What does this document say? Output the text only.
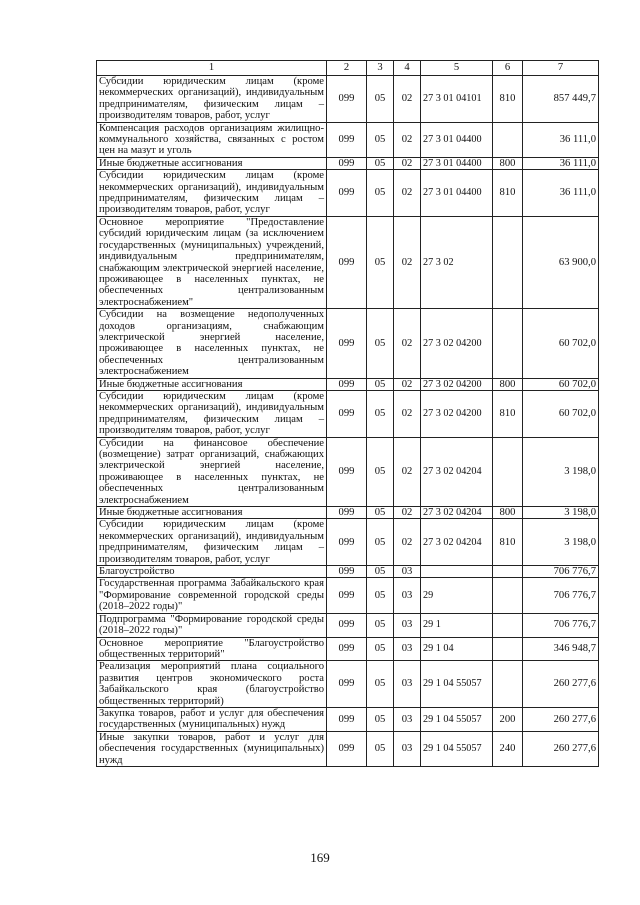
1	2	3	4	5	6	7
Субсидии юридическим лицам (кроме некоммерческих организаций), индивидуальным предпринимателям, физическим лицам – производителям товаров, работ, услуг	099	05	02	27 3 01 04101	810	857 449,7
Компенсация расходов организациям жилищно-коммунального хозяйства, связанных с ростом цен на мазут и уголь	099	05	02	27 3 01 04400		36 111,0
Иные бюджетные ассигнования	099	05	02	27 3 01 04400	800	36 111,0
Субсидии юридическим лицам (кроме некоммерческих организаций), индивидуальным предпринимателям, физическим лицам – производителям товаров, работ, услуг	099	05	02	27 3 01 04400	810	36 111,0
Основное мероприятие "Предоставление субсидий юридическим лицам (за исключением государственных (муниципальных) учреждений, индивидуальным предпринимателям, снабжающим электрической энергией население, проживающее в населенных пунктах, не обеспеченных централизованным электроснабжением"	099	05	02	27 3 02		63 900,0
Субсидии на возмещение недополученных доходов организациям, снабжающим электрической энергией население, проживающее в населенных пунктах, не обеспеченных централизованным электроснабжением	099	05	02	27 3 02 04200		60 702,0
Иные бюджетные ассигнования	099	05	02	27 3 02 04200	800	60 702,0
Субсидии юридическим лицам (кроме некоммерческих организаций), индивидуальным предпринимателям, физическим лицам – производителям товаров, работ, услуг	099	05	02	27 3 02 04200	810	60 702,0
Субсидии на финансовое обеспечение (возмещение) затрат организаций, снабжающих электрической энергией население, проживающее в населенных пунктах, не обеспеченных централизованным электроснабжением	099	05	02	27 3 02 04204		3 198,0
Иные бюджетные ассигнования	099	05	02	27 3 02 04204	800	3 198,0
Субсидии юридическим лицам (кроме некоммерческих организаций), индивидуальным предпринимателям, физическим лицам – производителям товаров, работ, услуг	099	05	02	27 3 02 04204	810	3 198,0
Благоустройство	099	05	03			706 776,7
Государственная программа Забайкальского края "Формирование современной городской среды (2018–2022 годы)"	099	05	03	29		706 776,7
Подпрограмма "Формирование городской среды (2018–2022 годы)"	099	05	03	29 1		706 776,7
Основное мероприятие "Благоустройство общественных территорий"	099	05	03	29 1 04		346 948,7
Реализация мероприятий плана социального развития центров экономического роста Забайкальского края (благоустройство общественных территорий)	099	05	03	29 1 04 55057		260 277,6
Закупка товаров, работ и услуг для обеспечения государственных (муниципальных) нужд	099	05	03	29 1 04 55057	200	260 277,6
Иные закупки товаров, работ и услуг для обеспечения государственных (муниципальных) нужд	099	05	03	29 1 04 55057	240	260 277,6
169
